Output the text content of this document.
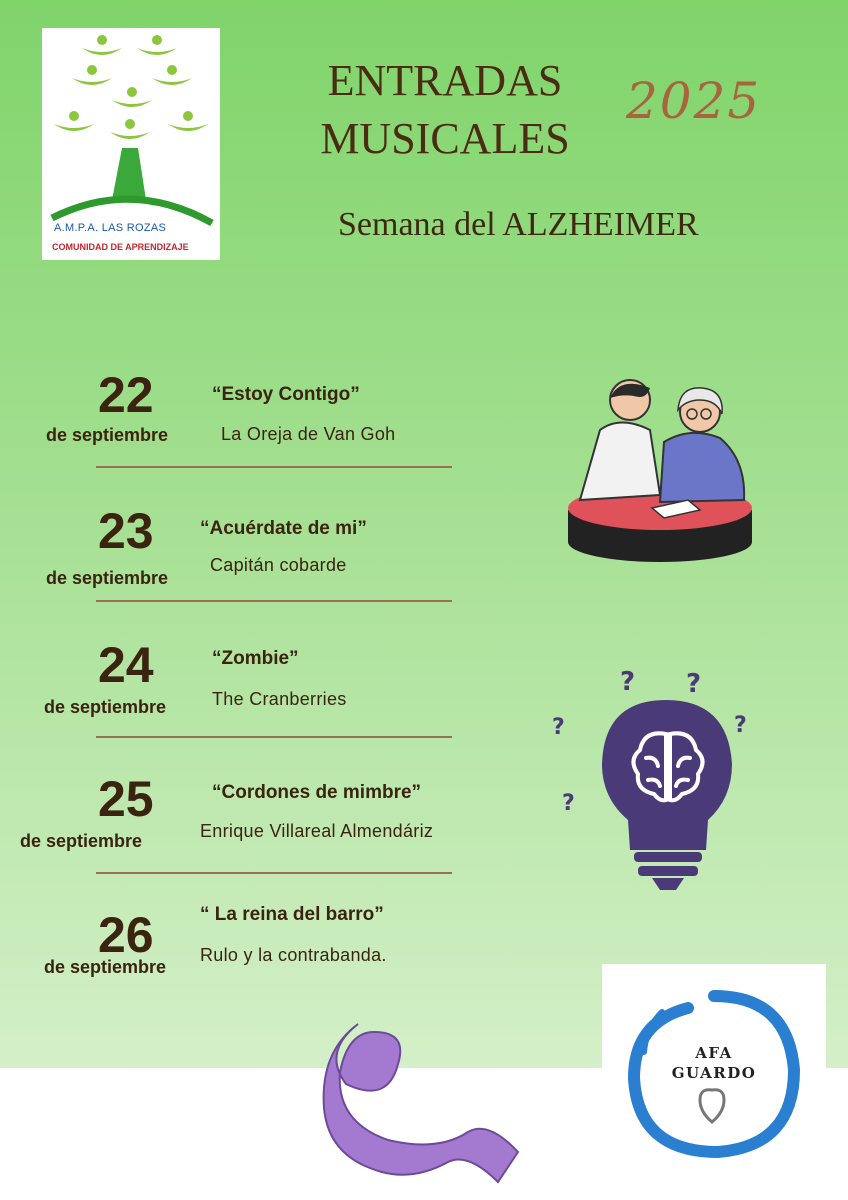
A.M.P.A. LAS ROZAS
COMUNIDAD DE APRENDIZAJE
ENTRADAS
MUSICALES
2025
Semana del ALZHEIMER
22
de septiembre
“Estoy Contigo”
La Oreja de Van Goh
23
de septiembre
“Acuérdate de mi”
Capitán cobarde
24
de septiembre
“Zombie”
The Cranberries
25
de septiembre
“Cordones de mimbre”
Enrique Villareal Almendáriz
26
de septiembre
“ La reina del barro”
Rulo y la contrabanda.
? ?
?	?
?
AFA
GUARDO
